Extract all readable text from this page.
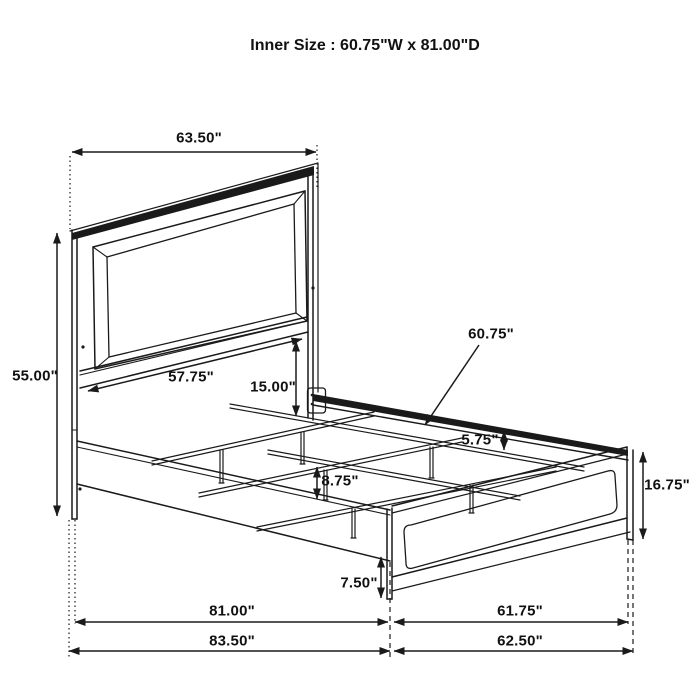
Inner Size : 60.75"W x 81.00"D
63.50"
55.00"	57.75"
15.00"
60.75"
5.75"
8.75"	16.75"
7.50"
81.00"	61.75"
83.50"	62.50"
